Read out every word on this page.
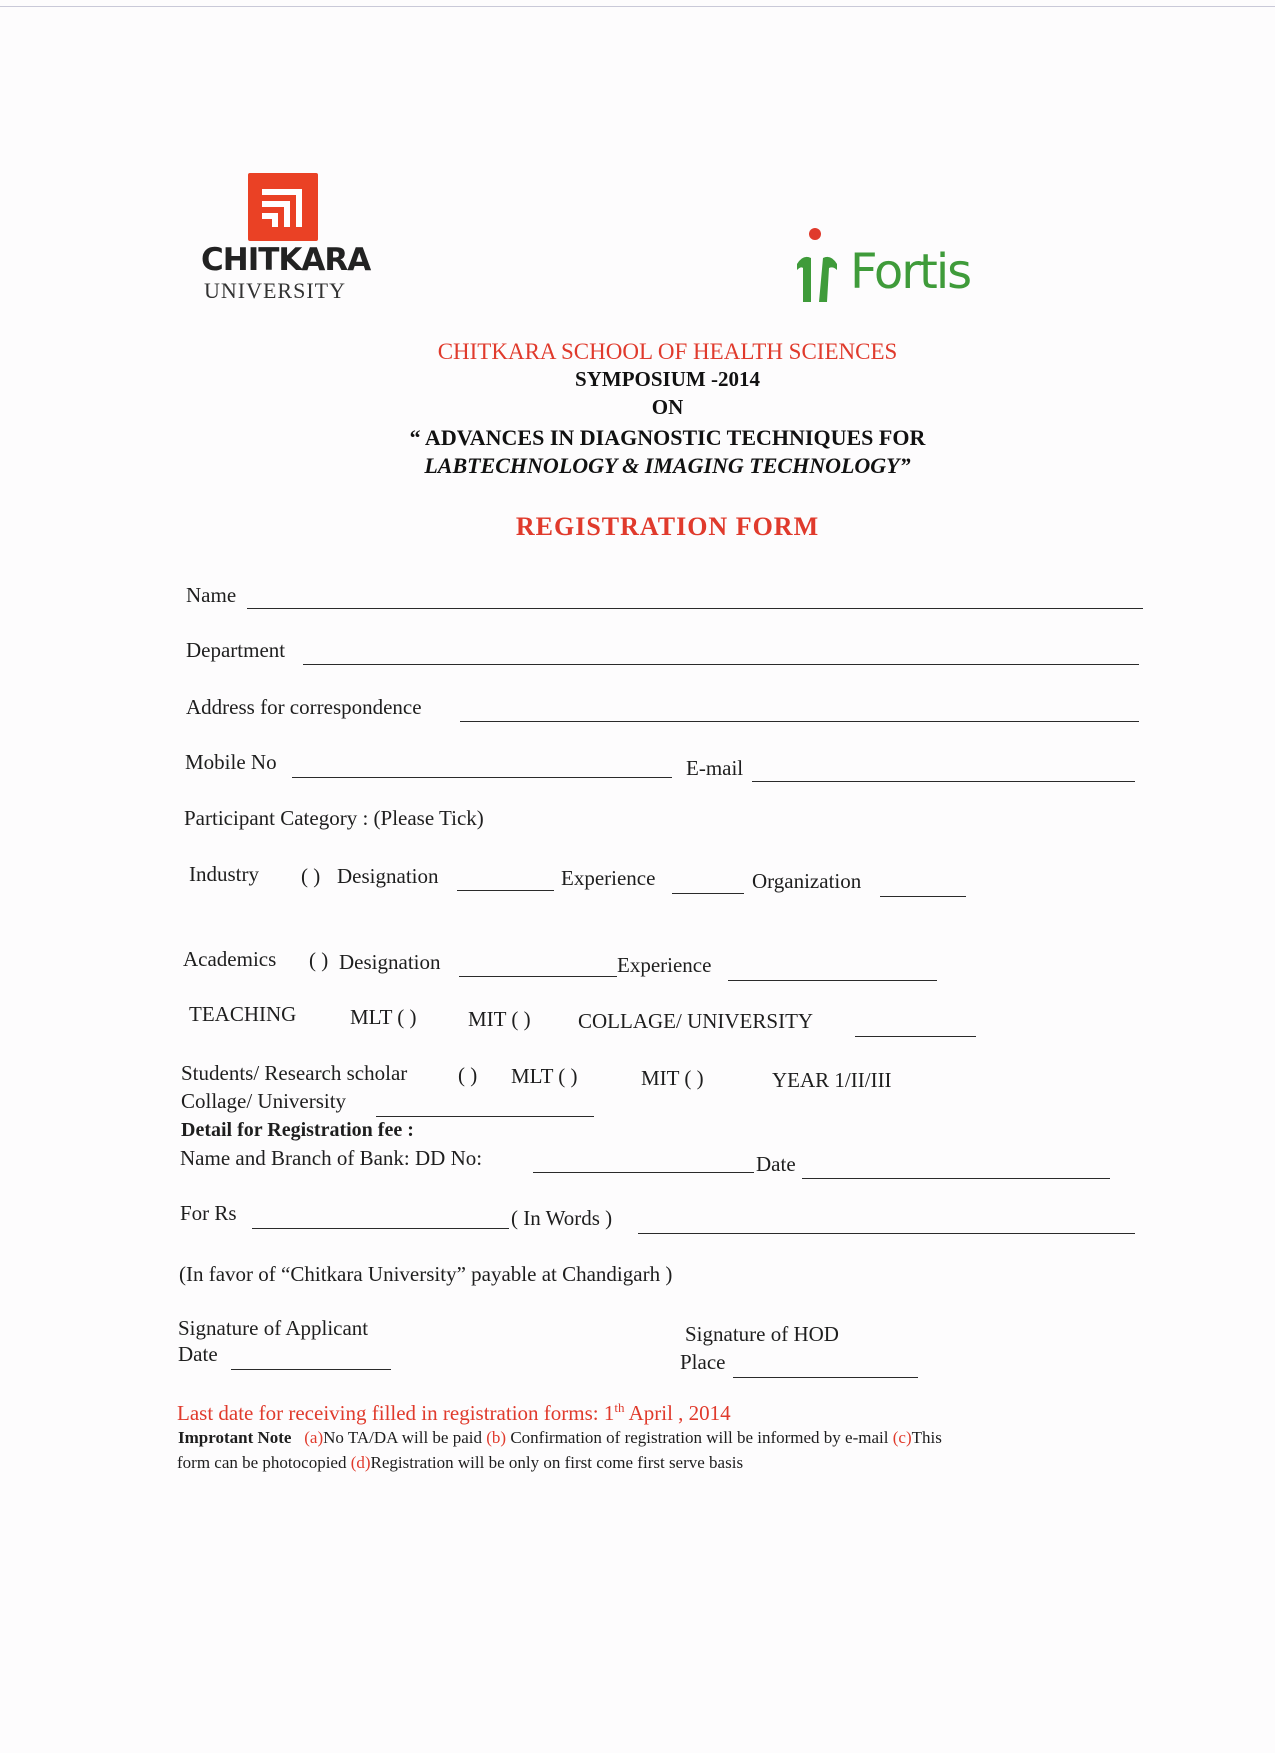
CHITKARA
UNIVERSITY	Fortis
CHITKARA SCHOOL OF HEALTH SCIENCES
SYMPOSIUM -2014
ON
“ ADVANCES IN DIAGNOSTIC TECHNIQUES FOR
LABTECHNOLOGY & IMAGING TECHNOLOGY”
REGISTRATION FORM
Name
Department
Address for correspondence
Mobile No	E-mail
Participant Category : (Please Tick)
Industry ( ) Designation	Experience	Organization
Academics ( ) Designation	Experience
TEACHING	MLT ( ) MIT ( ) COLLAGE/ UNIVERSITY
Students/ Research scholar ( ) MLT ( )	MIT ( )	YEAR 1/II/III
Collage/ University
Detail for Registration fee :
Name and Branch of Bank: DD No:	Date
For Rs	( In Words )
(In favor of “Chitkara University” payable at Chandigarh )
Signature of Applicant
Date
Signature of HOD
Place
Last date for receiving filled in registration forms: 1th April , 2014
Improtant Note (a)No TA/DA will be paid (b) Confirmation of registration will be informed by e-mail (c)This
form can be photocopied (d)Registration will be only on first come first serve basis
